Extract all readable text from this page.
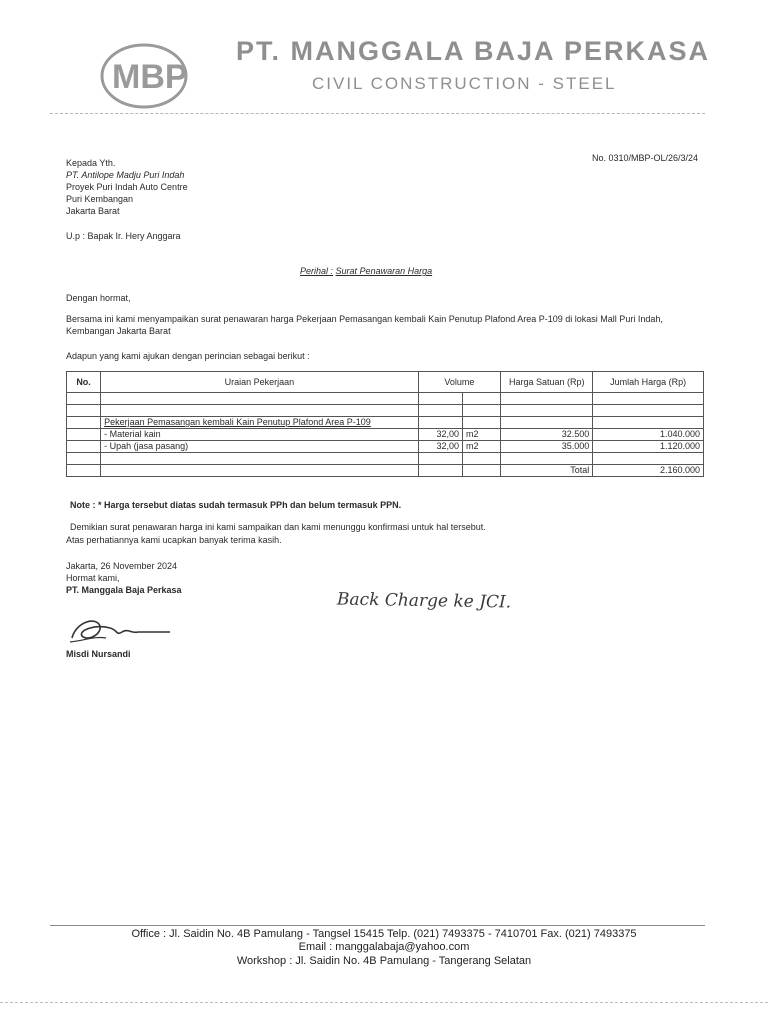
MBP
PT. MANGGALA BAJA PERKASA
CIVIL CONSTRUCTION - STEEL
No. 0310/MBP-OL/26/3/24
Kepada Yth.
PT. Antilope Madju Puri Indah
Proyek Puri Indah Auto Centre
Puri Kembangan
Jakarta Barat
U.p : Bapak Ir. Hery Anggara
Perihal : Surat Penawaran Harga
Dengan hormat,
Bersama ini kami menyampaikan surat penawaran harga Pekerjaan Pemasangan kembali Kain Penutup Plafond Area P-109 di lokasi Mall Puri Indah,
Kembangan Jakarta Barat
Adapun yang kami ajukan dengan perincian sebagai berikut :
No.	Uraian Pekerjaan	Volume		Harga Satuan (Rp)	Jumlah Harga (Rp)

	Pekerjaan Pemasangan kembali Kain Penutup Plafond Area P-109				
	- Material kain	32,00	m2	32.500	1.040.000
	- Upah (jasa pasang)	32,00	m2	35.000	1.120.000

				Total	2.160.000
Note : * Harga tersebut diatas sudah termasuk PPh dan belum termasuk PPN.
Demikian surat penawaran harga ini kami sampaikan dan kami menunggu konfirmasi untuk hal tersebut.
Atas perhatiannya kami ucapkan banyak terima kasih.
Jakarta, 26 November 2024
Hormat kami,
PT. Manggala Baja Perkasa
Misdi Nursandi
Back Charge ke JCI.
Office : Jl. Saidin No. 4B Pamulang - Tangsel 15415 Telp. (021) 7493375 - 7410701 Fax. (021) 7493375
Email : manggalabaja@yahoo.com
Workshop : Jl. Saidin No. 4B Pamulang - Tangerang Selatan
